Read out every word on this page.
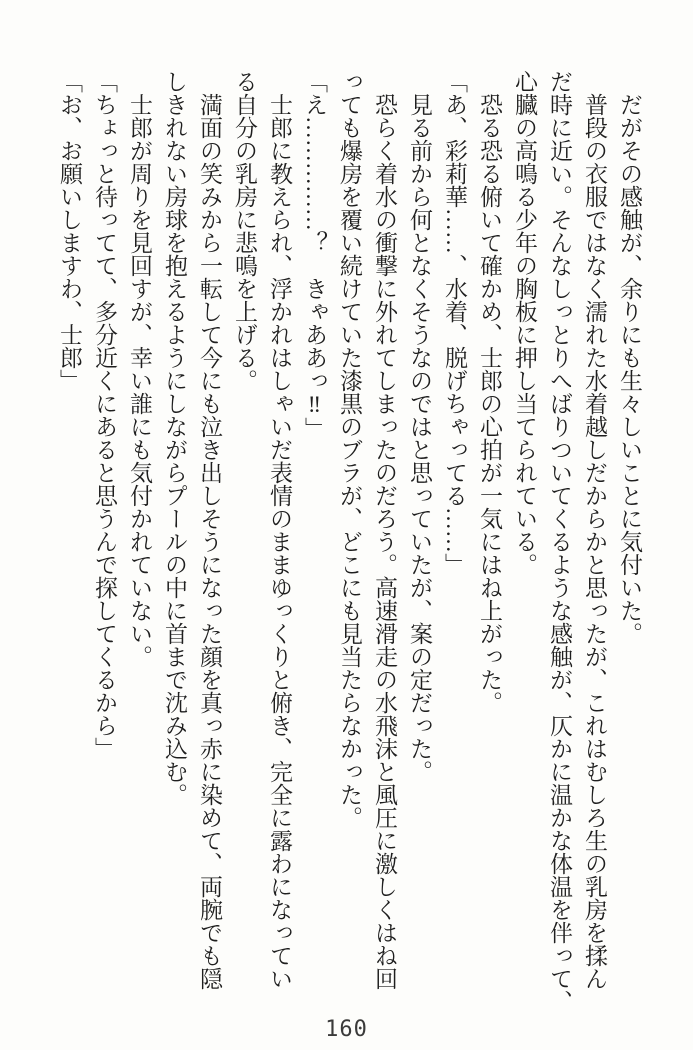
　だがその感触が、余りにも生々しいことに気付いた。
　普段の衣服ではなく濡れた水着越しだからかと思ったが、これはむしろ生の乳房を揉ん
だ時に近い。そんなしっとりへばりついてくるような感触が、仄かに温かな体温を伴って、
心臓の高鳴る少年の胸板に押し当てられている。
　恐る恐る俯いて確かめ、士郎の心拍が一気にはね上がった。
「あ、彩莉華……、水着、脱げちゃってる……」
　見る前から何となくそうなのではと思っていたが、案の定だった。
　恐らく着水の衝撃に外れてしまったのだろう。高速滑走の水飛沫と風圧に激しくはね回
っても爆房を覆い続けていた漆黒のブラが、どこにも見当たらなかった。
「え……………？　きゃああっ‼」
　士郎に教えられ、浮かれはしゃいだ表情のままゆっくりと俯き、完全に露わになってい
る自分の乳房に悲鳴を上げる。
　満面の笑みから一転して今にも泣き出しそうになった顔を真っ赤に染めて、両腕でも隠
しきれない房球を抱えるようにしながらプールの中に首まで沈み込む。
　士郎が周りを見回すが、幸い誰にも気付かれていない。
「ちょっと待ってて、多分近くにあると思うんで探してくるから」
「お、お願いしますわ、士郎」
160
